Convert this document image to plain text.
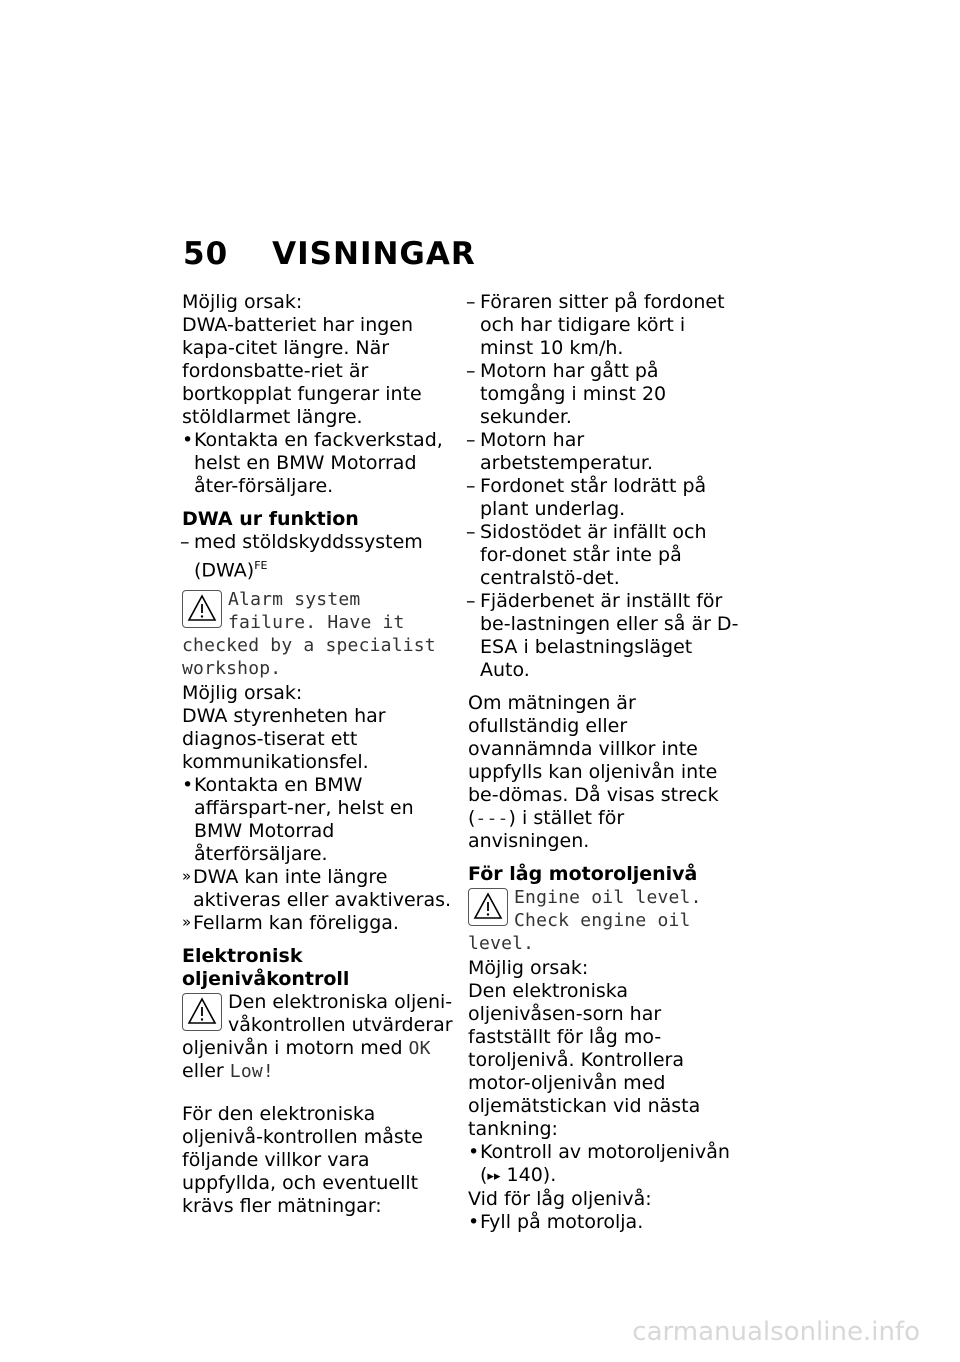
50 VISNINGAR

Möjlig orsak:

DWA-batteriet har ingen kapa-citet längre. När fordonsbatte-riet är bortkopplat fungerar inte stöldlarmet längre.

• Kontakta en fackverkstad, helst en BMW Motorrad åter-försäljare.

DWA ur funktion

– med stöldskyddssystem (DWA)$^{FE}$

Alarm system failure. Have it checked by a specialist workshop.

Möjlig orsak:

DWA styrenheten har diagnos-tiserat ett kommunikationsfel.

• Kontakta en BMW affärspart-ner, helst en BMW Motorrad återförsäljare.

» DWA kan inte längre aktiveras eller avaktiveras.

» Fellarm kan föreligga.

Elektronisk oljenivåkontroll

Den elektroniska oljeni-våkontrollen utvärderar oljenivån i motorn med OK eller Low!

För den elektroniska oljenivå-kontrollen måste följande villkor vara uppfyllda, och eventuellt krävs fler mätningar:

– Föraren sitter på fordonet och har tidigare kört i minst 10 km/h.

– Motorn har gått på tomgång i minst 20 sekunder.

– Motorn har arbetstemperatur.

– Fordonet står lodrätt på plant underlag.

– Sidostödet är infällt och for-donet står inte på centralstö-det.

– Fjäderbenet är inställt för be-lastningen eller så är D-ESA i belastningsläget Auto.

Om mätningen är ofullständig eller ovannämnda villkor inte uppfylls kan oljenivån inte be-dömas. Då visas streck (---) i stället för anvisningen.

För låg motoroljenivå

Engine oil level. Check engine oil level.

Möjlig orsak:

Den elektroniska oljenivåsen-sorn har fastställt för låg mo-toroljenivå. Kontrollera motor-oljenivån med oljemätstickan vid nästa tankning:

• Kontroll av motoroljenivån (▸▸ 140).

Vid för låg oljenivå:

• Fyll på motorolja.

carmanualsonline.info
